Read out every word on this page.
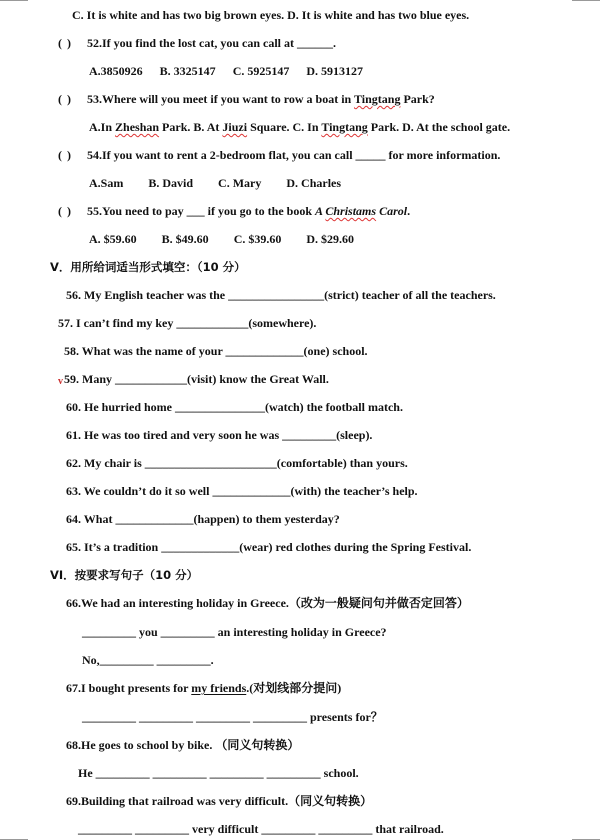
C. It is white and has two big brown eyes. D. It is white and has two blue eyes.
( ) 52.If you find the lost cat, you can call at ______.
A.3850926 B. 3325147 C. 5925147 D. 5913127
( ) 53.Where will you meet if you want to row a boat in Tingtang Park?
A.In Zheshan Park. B. At Jiuzi Square. C. In Tingtang Park. D. At the school gate.
( ) 54.If you want to rent a 2-bedroom flat, you can call _____ for more information.
A.Sam B. David C. Mary D. Charles
( ) 55.You need to pay ___ if you go to the book A Christams Carol.
A. $59.60 B. $49.60 C. $39.60 D. $29.60
V．用所给词适当形式填空：（10 分）
56. My English teacher was the ________________(strict) teacher of all the teachers.
57. I can’t find my key ____________(somewhere).
58. What was the name of your _____________(one) school.
v 59. Many ____________(visit) know the Great Wall.
60. He hurried home _______________(watch) the football match.
61. He was too tired and very soon he was _________(sleep).
62. My chair is ______________________(comfortable) than yours.
63. We couldn’t do it so well _____________(with) the teacher’s help.
64. What _____________(happen) to them yesterday?
65. It’s a tradition _____________(wear) red clothes during the Spring Festival.
VI．按要求写句子（10 分）
66.We had an interesting holiday in Greece.（改为一般疑问句并做否定回答）
_________ you _________ an interesting holiday in Greece?
No,_________ _________.
67.I bought presents for my friends.(对划线部分提问)
_________ _________ _________ _________ presents for？
68.He goes to school by bike. （同义句转换）
He _________ _________ _________ _________ school.
69.Building that railroad was very difficult.（同义句转换）
_________ _________ very difficult _________ _________ that railroad.
